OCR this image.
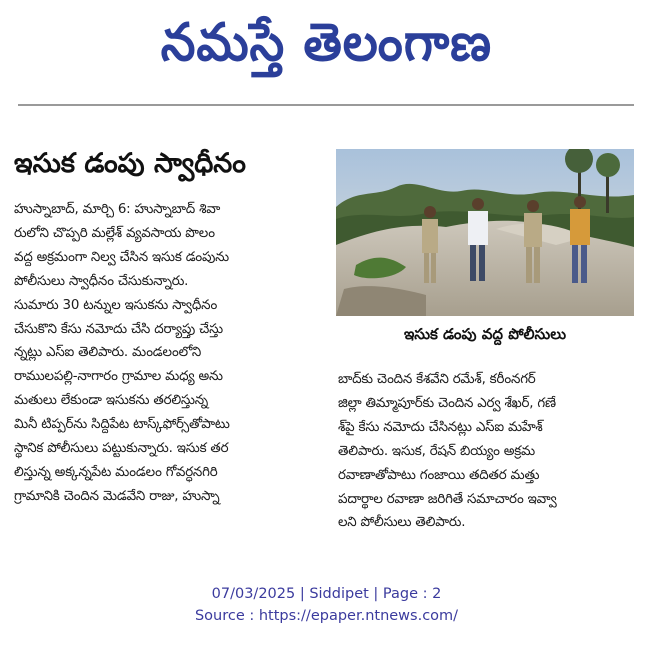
నమస్తే తెలంగాణ
ఇసుక డంపు స్వాధీనం
హుస్నాబాద్, మార్చి 6: హుస్నాబాద్ శివా
రులోని చొప్పరి మల్లేశ్ వ్యవసాయ పొలం
వద్ద అక్రమంగా నిల్వ చేసిన ఇసుక డంపును
పోలీసులు స్వాధీనం చేసుకున్నారు.
సుమారు 30 టన్నుల ఇసుకను స్వాధీనం
చేసుకొని కేసు నమోదు చేసి దర్యాప్తు చేస్తు
న్నట్లు ఎస్ఐ తెలిపారు. మండలంలోని
రాములపల్లి-నాగారం గ్రామాల మధ్య అను
మతులు లేకుండా ఇసుకను తరలిస్తున్న
మినీ టిప్పర్‌ను సిద్దిపేట టాస్క్‌ఫోర్స్‌తోపాటు
స్థానిక పోలీసులు పట్టుకున్నారు. ఇసుక తర
లిస్తున్న అక్కన్నపేట మండలం గోవర్ధనగిరి
గ్రామానికి చెందిన మెడవేని రాజు, హుస్నా
ఇసుక డంపు వద్ద పోలీసులు
బాద్‌కు చెందిన కేశవేని రమేశ్, కరీంనగర్
జిల్లా తిమ్మాపూర్‌కు చెందిన ఎర్వ శేఖర్, గణే
శ్‌పై కేసు నమోదు చేసినట్లు ఎస్ఐ మహేశ్
తెలిపారు. ఇసుక, రేషన్ బియ్యం అక్రమ
రవాణాతోపాటు గంజాయి తదితర మత్తు
పదార్థాల రవాణా జరిగితే సమాచారం ఇవ్వా
లని పోలీసులు తెలిపారు.
07/03/2025 | Siddipet | Page : 2
Source : https://epaper.ntnews.com/
